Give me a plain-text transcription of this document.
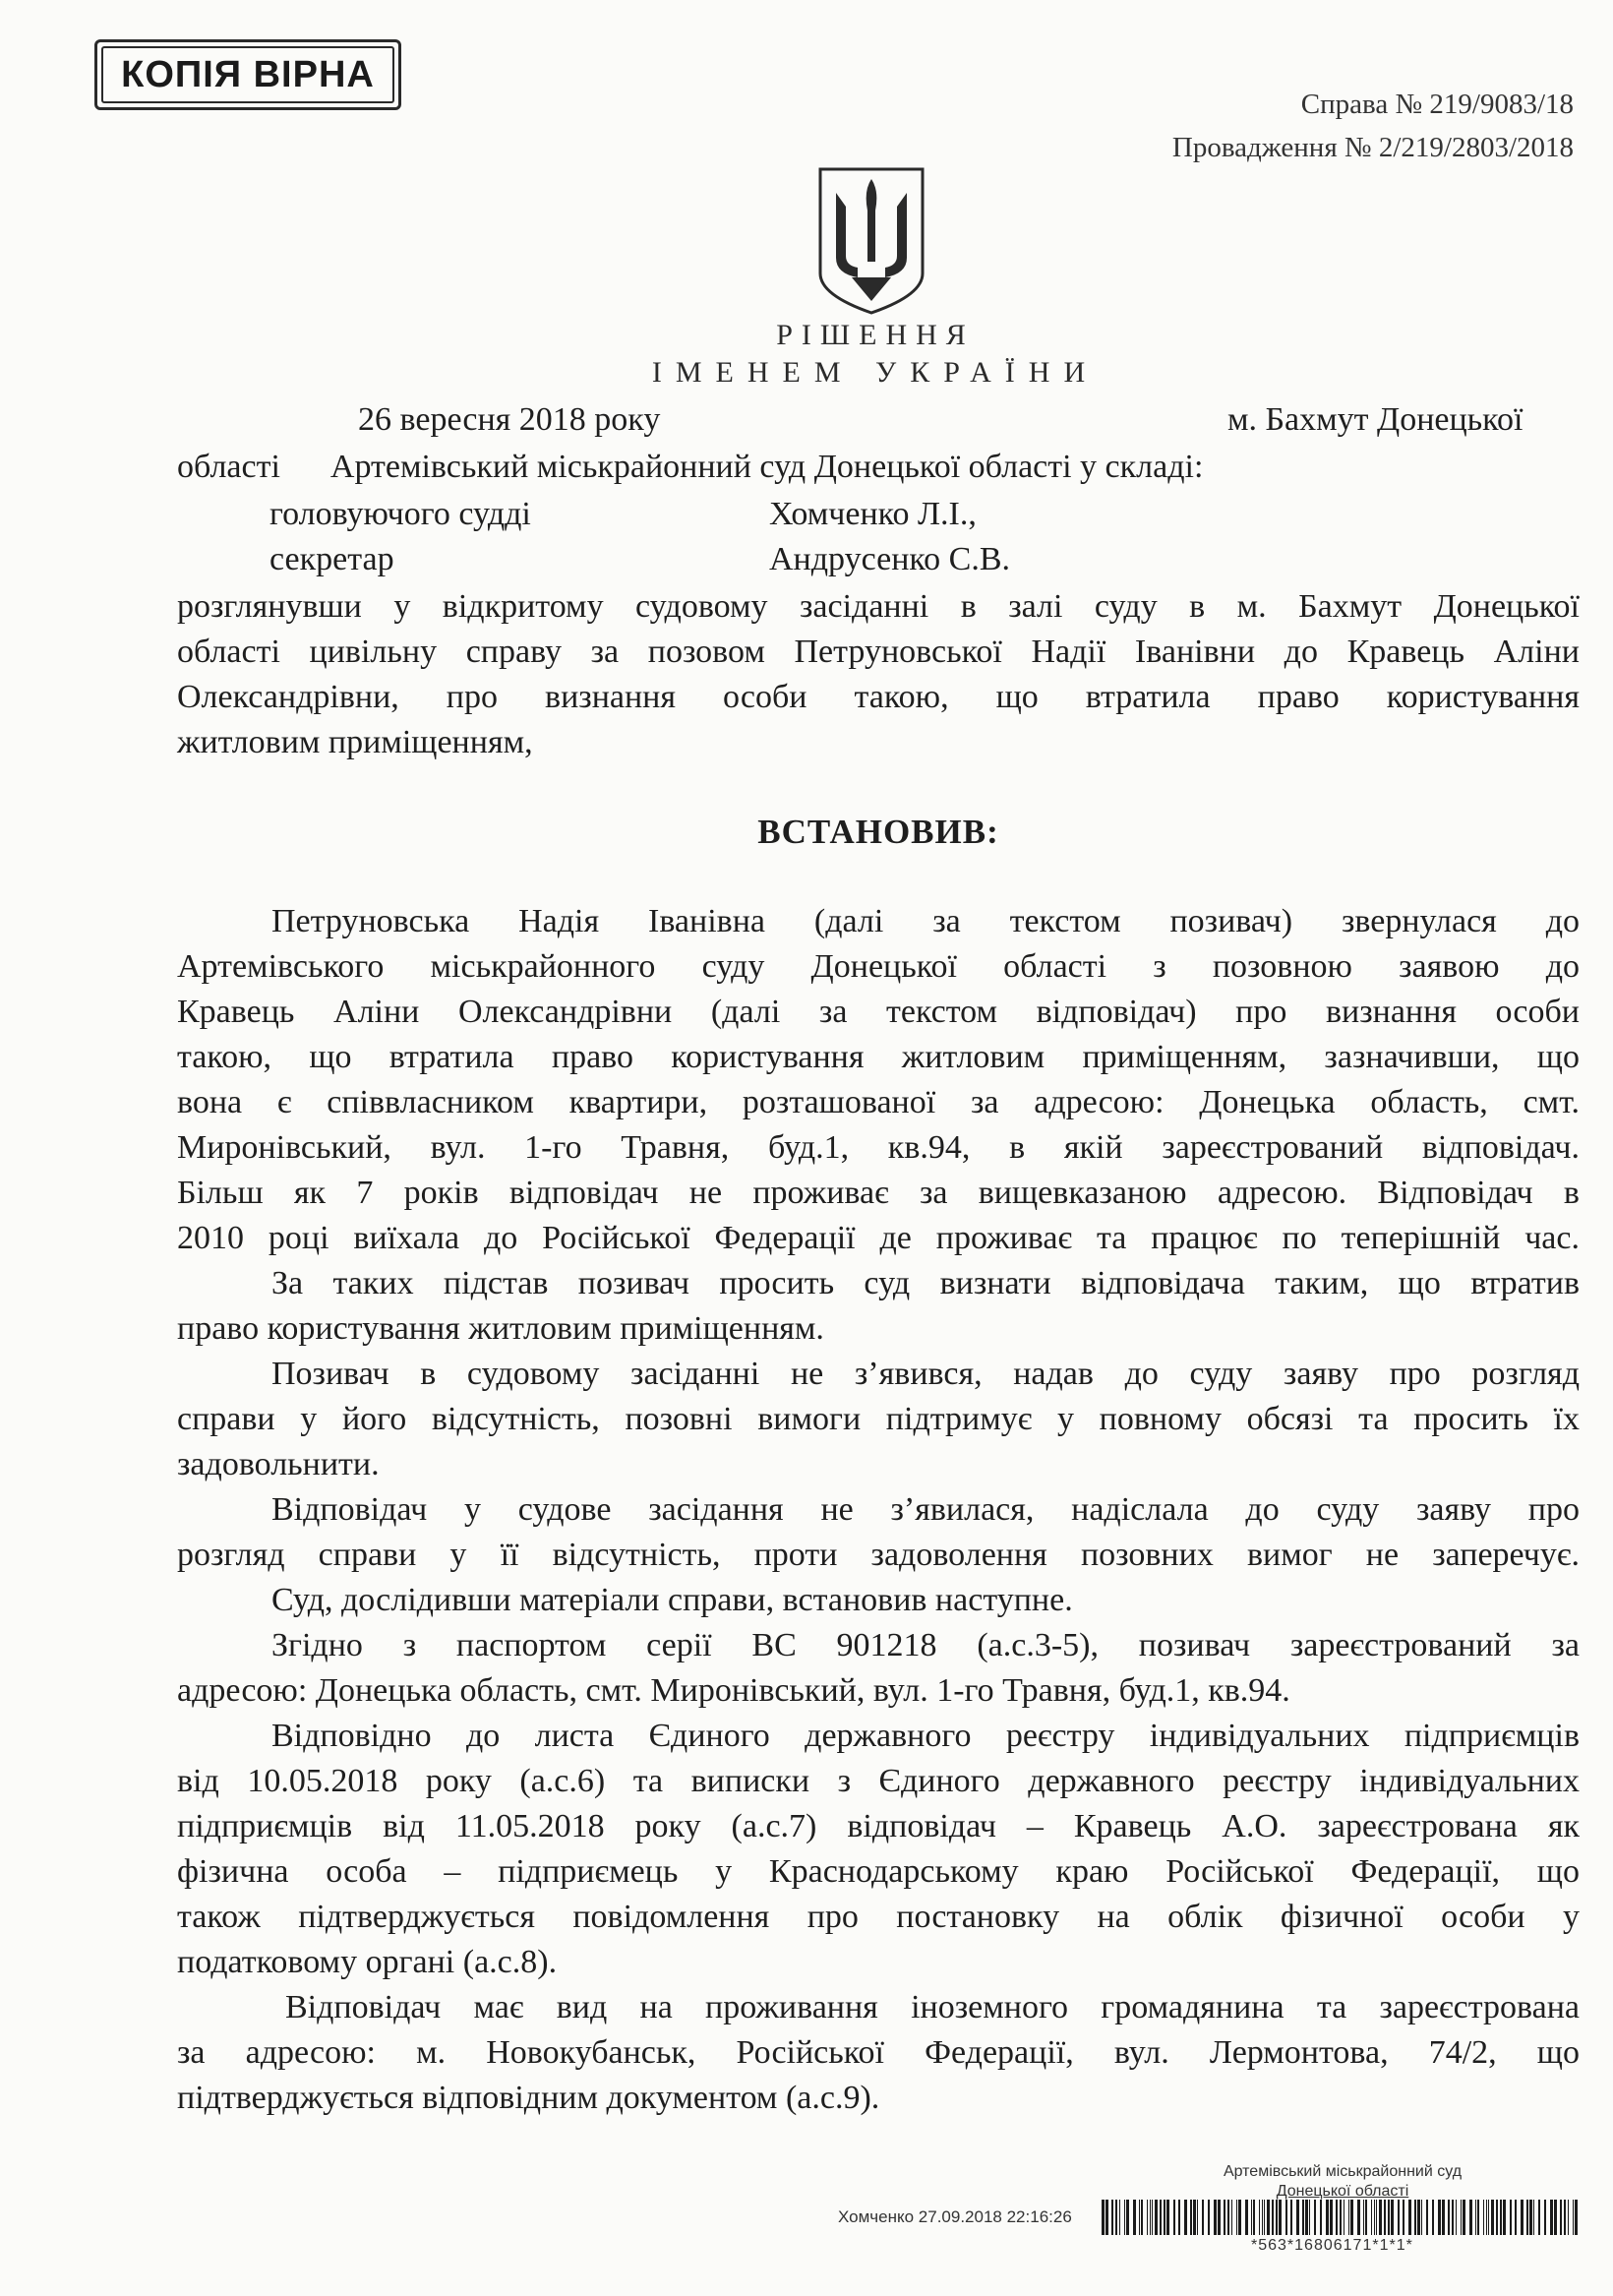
КОПІЯ ВІРНА
Справа № 219/9083/18
Провадження № 2/219/2803/2018
РІШЕННЯ
ІМЕНЕМ УКРАЇНИ
26 вересня 2018 року	м. Бахмут Донецької
області      Артемівський міськрайонний суд Донецької області у складі:
головуючого судді	Хомченко Л.І.,
секретар	Андрусенко С.В.
розглянувши у відкритому судовому засіданні в залі суду в м. Бахмут Донецької
області цивільну справу за позовом Петруновської Надії Іванівни до Кравець Аліни
Олександрівни, про визнання особи такою, що втратила право користування
житловим приміщенням,
ВСТАНОВИВ:
Петруновська Надія Іванівна (далі за текстом позивач) звернулася до
Артемівського міськрайонного суду Донецької області з позовною заявою до
Кравець Аліни Олександрівни (далі за текстом відповідач) про визнання особи
такою, що втратила право користування житловим приміщенням, зазначивши, що
вона є співвласником квартири, розташованої за адресою: Донецька область, смт.
Миронівський, вул. 1-го Травня, буд.1, кв.94, в якій зареєстрований відповідач.
Більш як 7 років відповідач не проживає за вищевказаною адресою. Відповідач в
2010 році виїхала до Російської Федерації де проживає та працює по теперішній час.
За таких підстав позивач просить суд визнати відповідача таким, що втратив
право користування житловим приміщенням.
Позивач в судовому засіданні не з’явився, надав до суду заяву про розгляд
справи у його відсутність, позовні вимоги підтримує у повному обсязі та просить їх
задовольнити.
Відповідач у судове засідання не з’явилася, надіслала до суду заяву про
розгляд справи у її відсутність, проти задоволення позовних вимог не заперечує.
Суд, дослідивши матеріали справи, встановив наступне.
Згідно з паспортом серії ВС 901218 (а.с.3-5), позивач зареєстрований за
адресою: Донецька область, смт. Миронівський, вул. 1-го Травня, буд.1, кв.94.
Відповідно до листа Єдиного державного реєстру індивідуальних підприємців
від 10.05.2018 року (а.с.6) та виписки з Єдиного державного реєстру індивідуальних
підприємців від 11.05.2018 року (а.с.7) відповідач – Кравець А.О. зареєстрована як
фізична особа – підприємець у Краснодарському краю Російської Федерації, що
також підтверджується повідомлення про постановку на облік фізичної особи у
податковому органі (а.с.8).
Відповідач має вид на проживання іноземного громадянина та зареєстрована
за адресою: м. Новокубанськ, Російської Федерації, вул. Лермонтова, 74/2, що
підтверджується відповідним документом (а.с.9).
Артемівський міськрайонний суд
Донецької області
Хомченко 27.09.2018 22:16:26
*563*16806171*1*1*
